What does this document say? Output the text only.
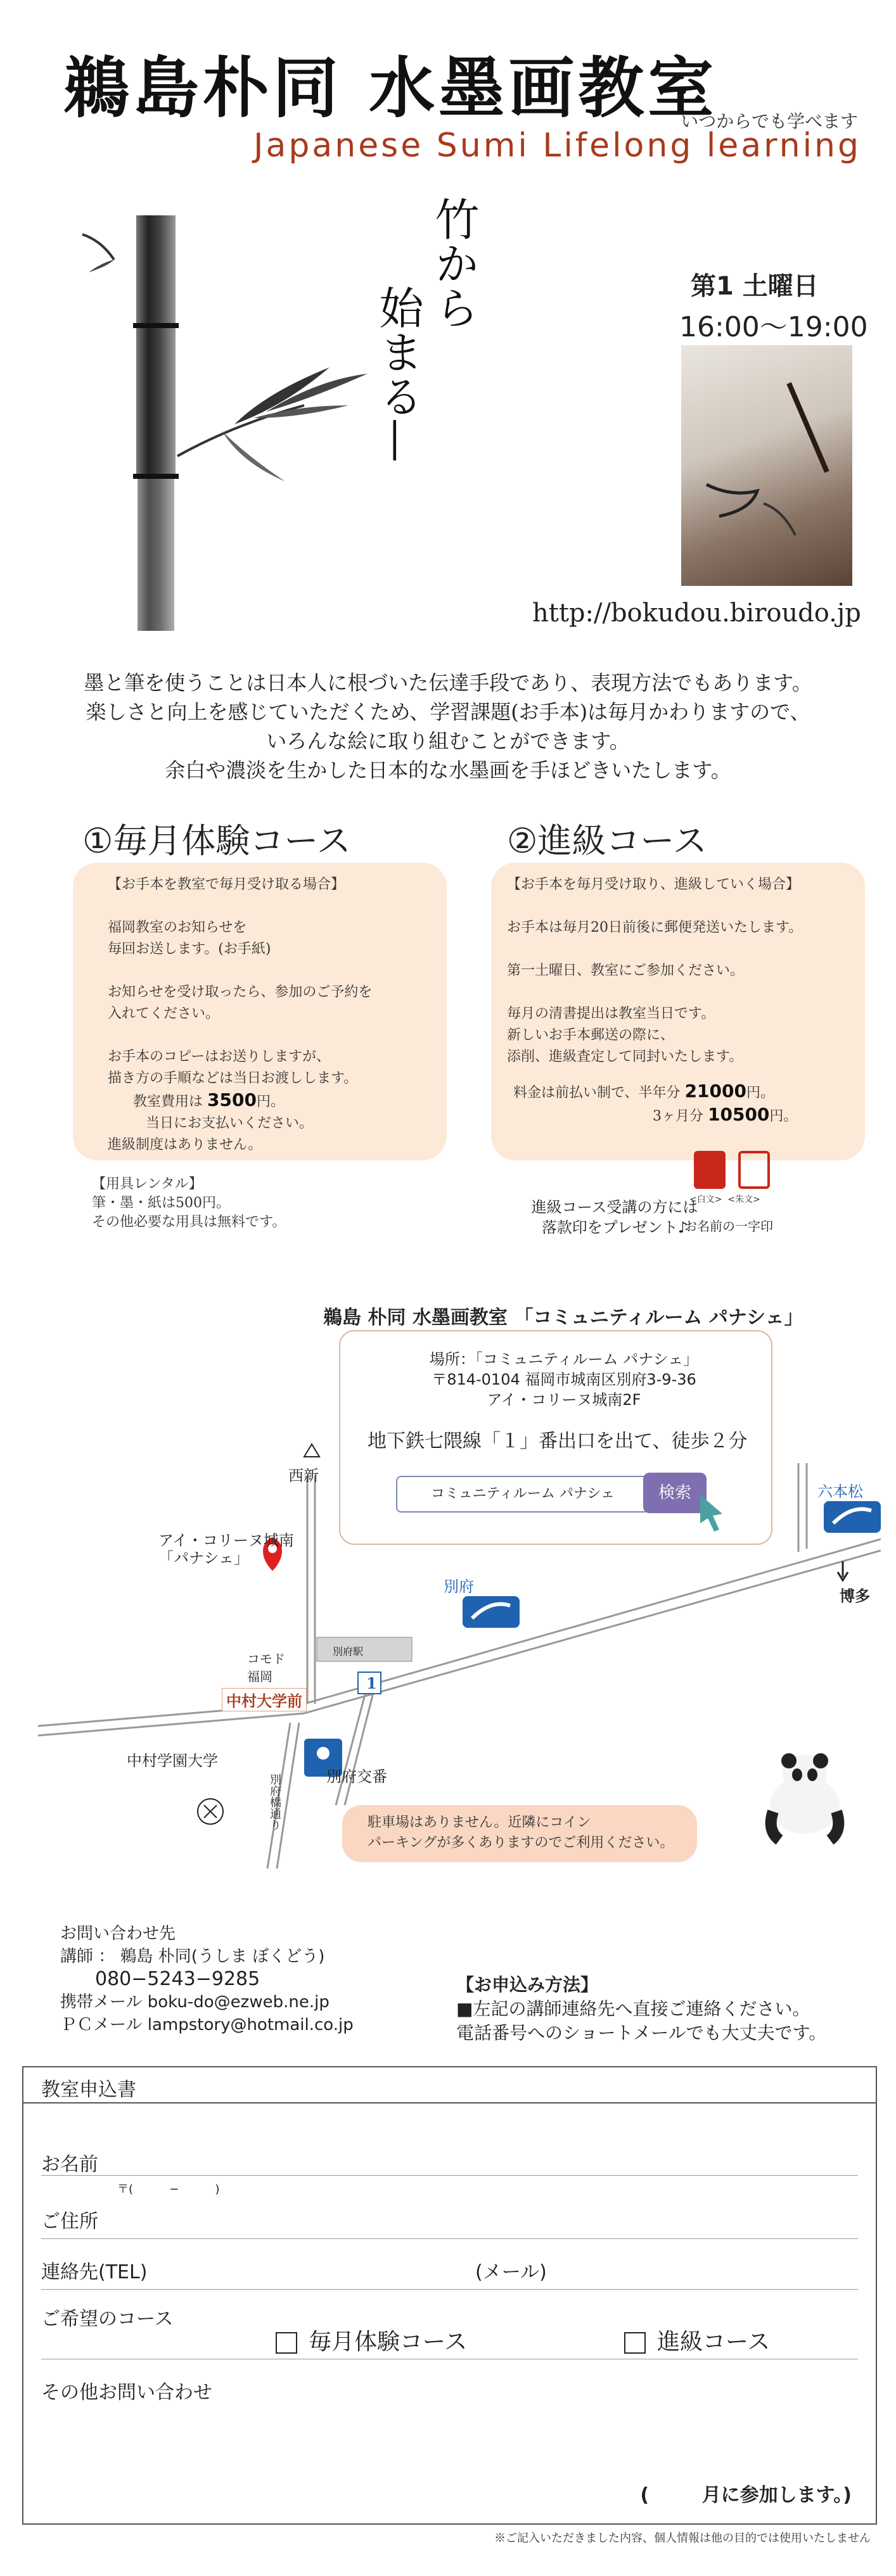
鵜島朴同 水墨画教室
いつからでも学べます
Japanese Sumi Lifelong learning
竹から
始まる—	第1 土曜日
16:00〜19:00
http://bokudou.biroudo.jp
墨と筆を使うことは日本人に根づいた伝達手段であり、表現方法でもあります。
楽しさと向上を感じていただくため、学習課題(お手本)は毎月かわりますので、
いろんな絵に取り組むことができます。
余白や濃淡を生かした日本的な水墨画を手ほどきいたします。
①毎月体験コース
【お手本を教室で毎月受け取る場合】

福岡教室のお知らせを
毎回お送します。(お手紙)

お知らせを受け取ったら、参加のご予約を
入れてください。

お手本のコピーはお送りしますが、
描き方の手順などは当日お渡しします。
教室費用は 3500円。
当日にお支払いください。
進級制度はありません。
【用具レンタル】
筆・墨・紙は500円。
その他必要な用具は無料です。
②進級コース
【お手本を毎月受け取り、進級していく場合】

お手本は毎月20日前後に郵便発送いたします。

第一土曜日、教室にご参加ください。

毎月の清書提出は教室当日です。
新しいお手本郵送の際に、
添削、進級査定して同封いたします。
料金は前払い制で、半年分 21000円。
3ヶ月分 10500円。
進級コース受講の方には
落款印をプレゼント♪
<白文>  <朱文>
お名前の一字印
鵜島 朴同 水墨画教室 「コミュニティルーム パナシェ」
場所：「コミュニティルーム パナシェ」
〒814-0104 福岡市城南区別府3-9-36
アイ・コリーヌ城南2F
地下鉄七隈線「１」番出口を出て、徒歩２分
コミュニティルーム パナシェ	検索
西新
六本松
博多
別府
アイ・コリーヌ城南
「パナシェ」
コモド
福岡
別府駅
1
中村大学前
中村学園大学
別府交番
別府橋通り	駐車場はありません。近隣にコイン
パーキングが多くありますのでご利用ください。
お問い合わせ先
講師 ： 鵜島 朴同(うしま ぼくどう)
080−5243−9285
携帯メール boku-do@ezweb.ne.jp
ＰＣメール lampstory@hotmail.co.jp
【お申込み方法】
■左記の講師連絡先へ直接ご連絡ください。
電話番号へのショートメールでも大丈夫です。
教室申込書
お名前
〒(          −          )
ご住所
連絡先(TEL)	(メール)
ご希望のコース
毎月体験コース	進級コース
その他お問い合わせ
(        月に参加します。)
※ご記入いただきました内容、個人情報は他の目的では使用いたしません
